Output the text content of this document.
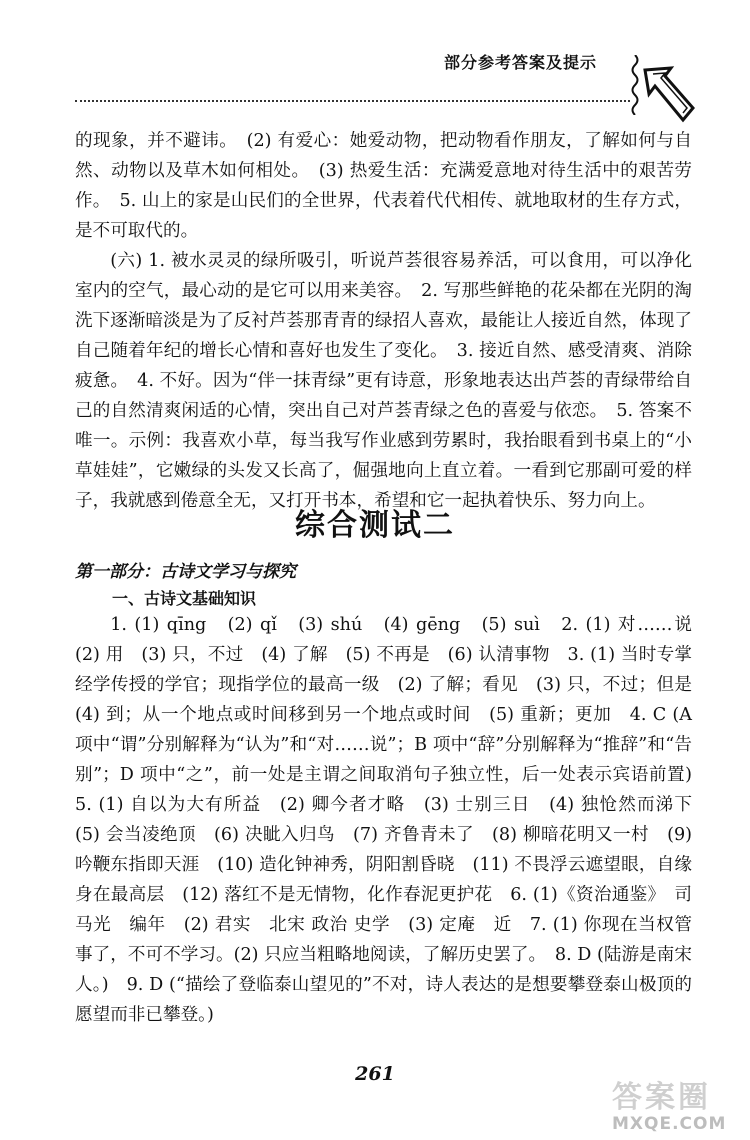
部分参考答案及提示

的现象，并不避讳。　(2) 有爱心：她爱动物，把动物看作朋友，了解如何与自然、动物以及草木如何相处。　(3) 热爱生活：充满爱意地对待生活中的艰苦劳作。　5. 山上的家是山民们的全世界，代表着代代相传、就地取材的生存方式，是不可取代的。

(六) 1. 被水灵灵的绿所吸引，听说芦荟很容易养活，可以食用，可以净化室内的空气，最心动的是它可以用来美容。　2. 写那些鲜艳的花朵都在光阴的淘洗下逐渐暗淡是为了反衬芦荟那青青的绿招人喜欢，最能让人接近自然，体现了自己随着年纪的增长心情和喜好也发生了变化。　3. 接近自然、感受清爽、消除疲惫。　4. 不好。因为“伴一抹青绿”更有诗意，形象地表达出芦荟的青绿带给自己的自然清爽闲适的心情，突出自己对芦荟青绿之色的喜爱与依恋。　5. 答案不唯一。示例：我喜欢小草，每当我写作业感到劳累时，我抬眼看到书桌上的“小草娃娃”，它嫩绿的头发又长高了，倔强地向上直立着。一看到它那副可爱的样子，我就感到倦意全无，又打开书本，希望和它一起执着快乐、努力向上。

综合测试二
第一部分：古诗文学习与探究
一、古诗文基础知识

1. (1) qīng　(2) qǐ　(3) shú　(4) gēng　(5) suì　2. (1) 对……说　(2) 用　(3) 只，不过　(4) 了解　(5) 不再是　(6) 认清事物　3. (1) 当时专掌经学传授的学官；现指学位的最高一级　(2) 了解；看见　(3) 只，不过；但是　(4) 到；从一个地点或时间移到另一个地点或时间　(5) 重新；更加　4. C (A 项中“谓”分别解释为“认为”和“对……说”；B 项中“辞”分别解释为“推辞”和“告别”；D 项中“之”，前一处是主谓之间取消句子独立性，后一处表示宾语前置)　5. (1) 自以为大有所益　(2) 卿今者才略　(3) 士别三日　(4) 独怆然而涕下　(5) 会当凌绝顶　(6) 决眦入归鸟　(7) 齐鲁青未了　(8) 柳暗花明又一村　(9) 吟鞭东指即天涯　(10) 造化钟神秀，阴阳割昏晓　(11) 不畏浮云遮望眼，自缘身在最高层　(12) 落红不是无情物，化作春泥更护花　6. (1)《资治通鉴》　司马光　编年　(2) 君实　北宋 政治 史学　(3) 定庵　近　7. (1) 你现在当权管事了，不可不学习。(2) 只应当粗略地阅读，了解历史罢了。　8. D (陆游是南宋人。)　9. D (“描绘了登临泰山望见的”不对，诗人表达的是想要攀登泰山极顶的愿望而非已攀登。)

261
答案圈
MXQE.COM
